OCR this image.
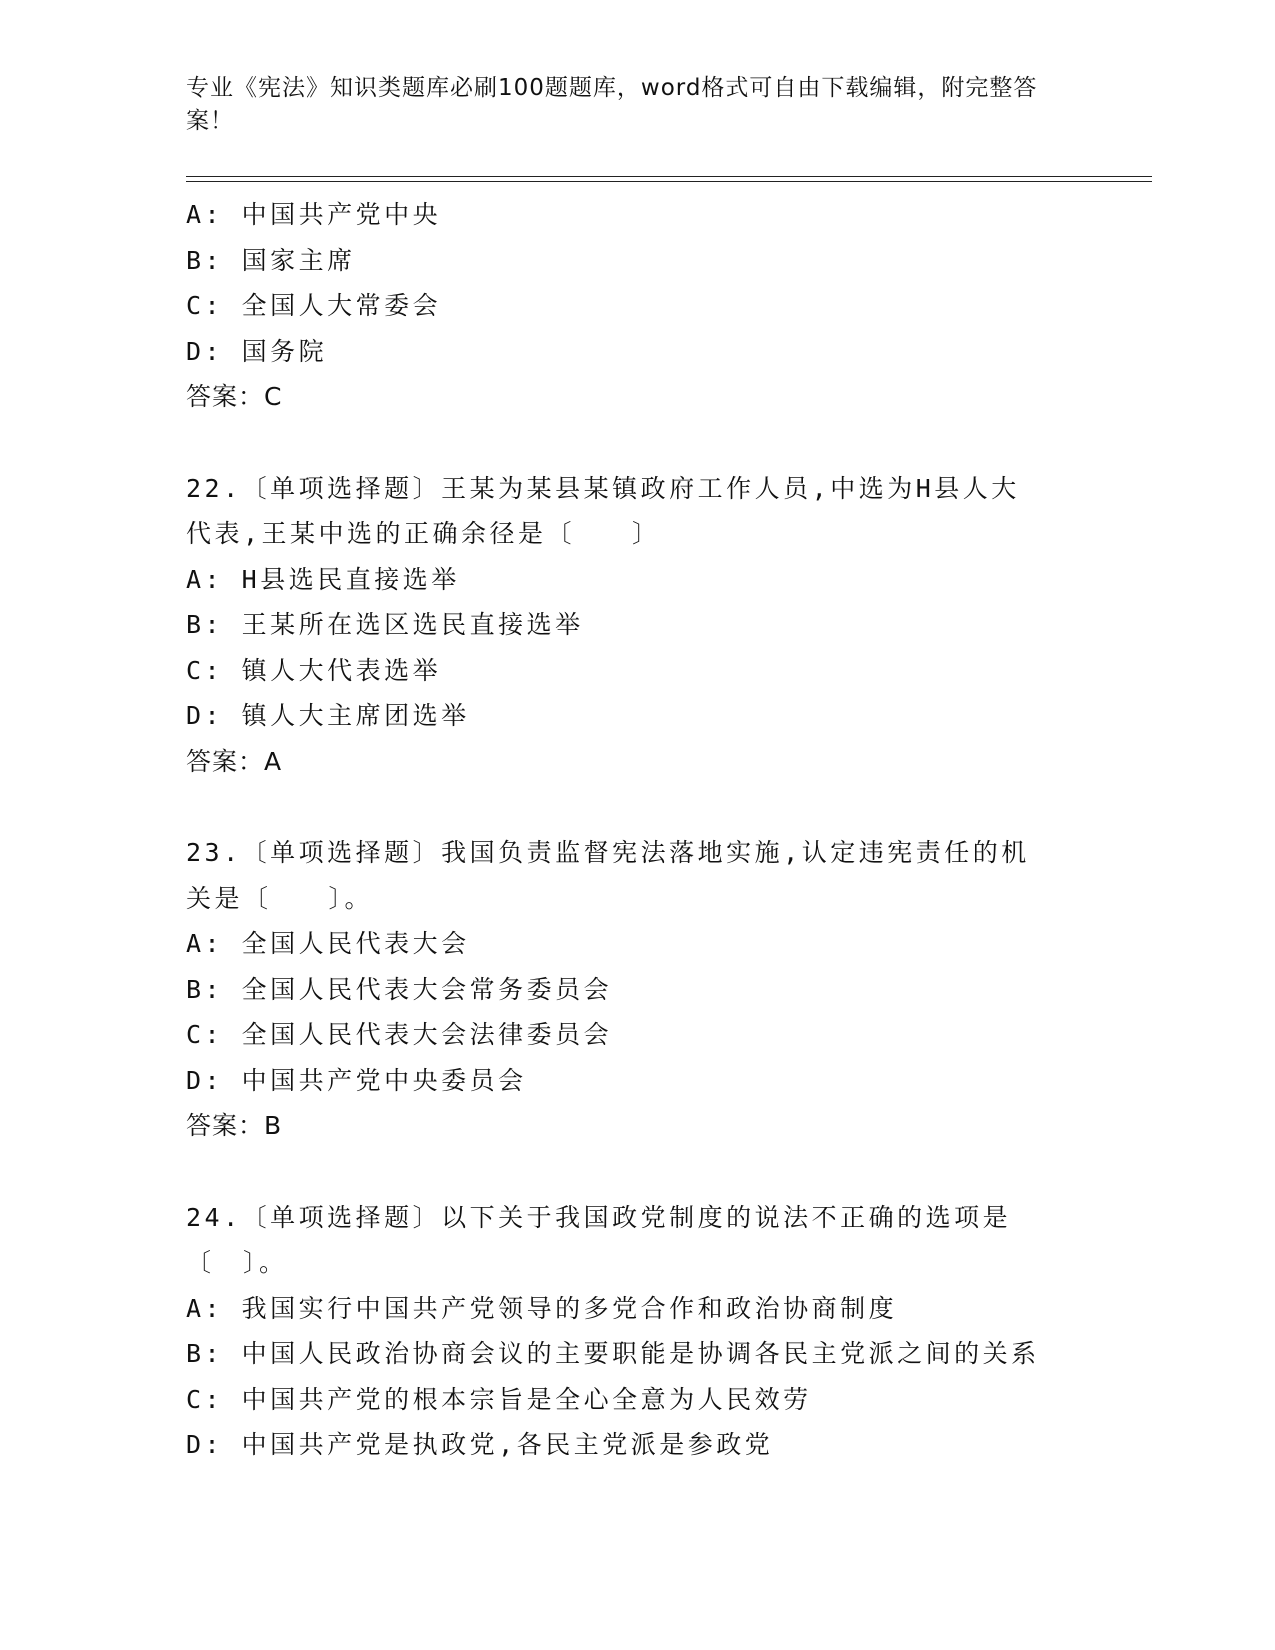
专业《宪法》知识类题库必刷100题题库，word格式可自由下载编辑，附完整答案！
A: 中国共产党中央
B: 国家主席
C: 全国人大常委会
D: 国务院
答案：C
22.〔单项选择题〕王某为某县某镇政府工作人员,中选为H县人大代表,王某中选的正确余径是〔　　〕
A: H县选民直接选举
B: 王某所在选区选民直接选举
C: 镇人大代表选举
D: 镇人大主席团选举
答案：A
23.〔单项选择题〕我国负责监督宪法落地实施,认定违宪责任的机关是〔　　〕。
A: 全国人民代表大会
B: 全国人民代表大会常务委员会
C: 全国人民代表大会法律委员会
D: 中国共产党中央委员会
答案：B
24.〔单项选择题〕以下关于我国政党制度的说法不正确的选项是〔　〕。
A: 我国实行中国共产党领导的多党合作和政治协商制度
B: 中国人民政治协商会议的主要职能是协调各民主党派之间的关系
C: 中国共产党的根本宗旨是全心全意为人民效劳
D: 中国共产党是执政党,各民主党派是参政党
